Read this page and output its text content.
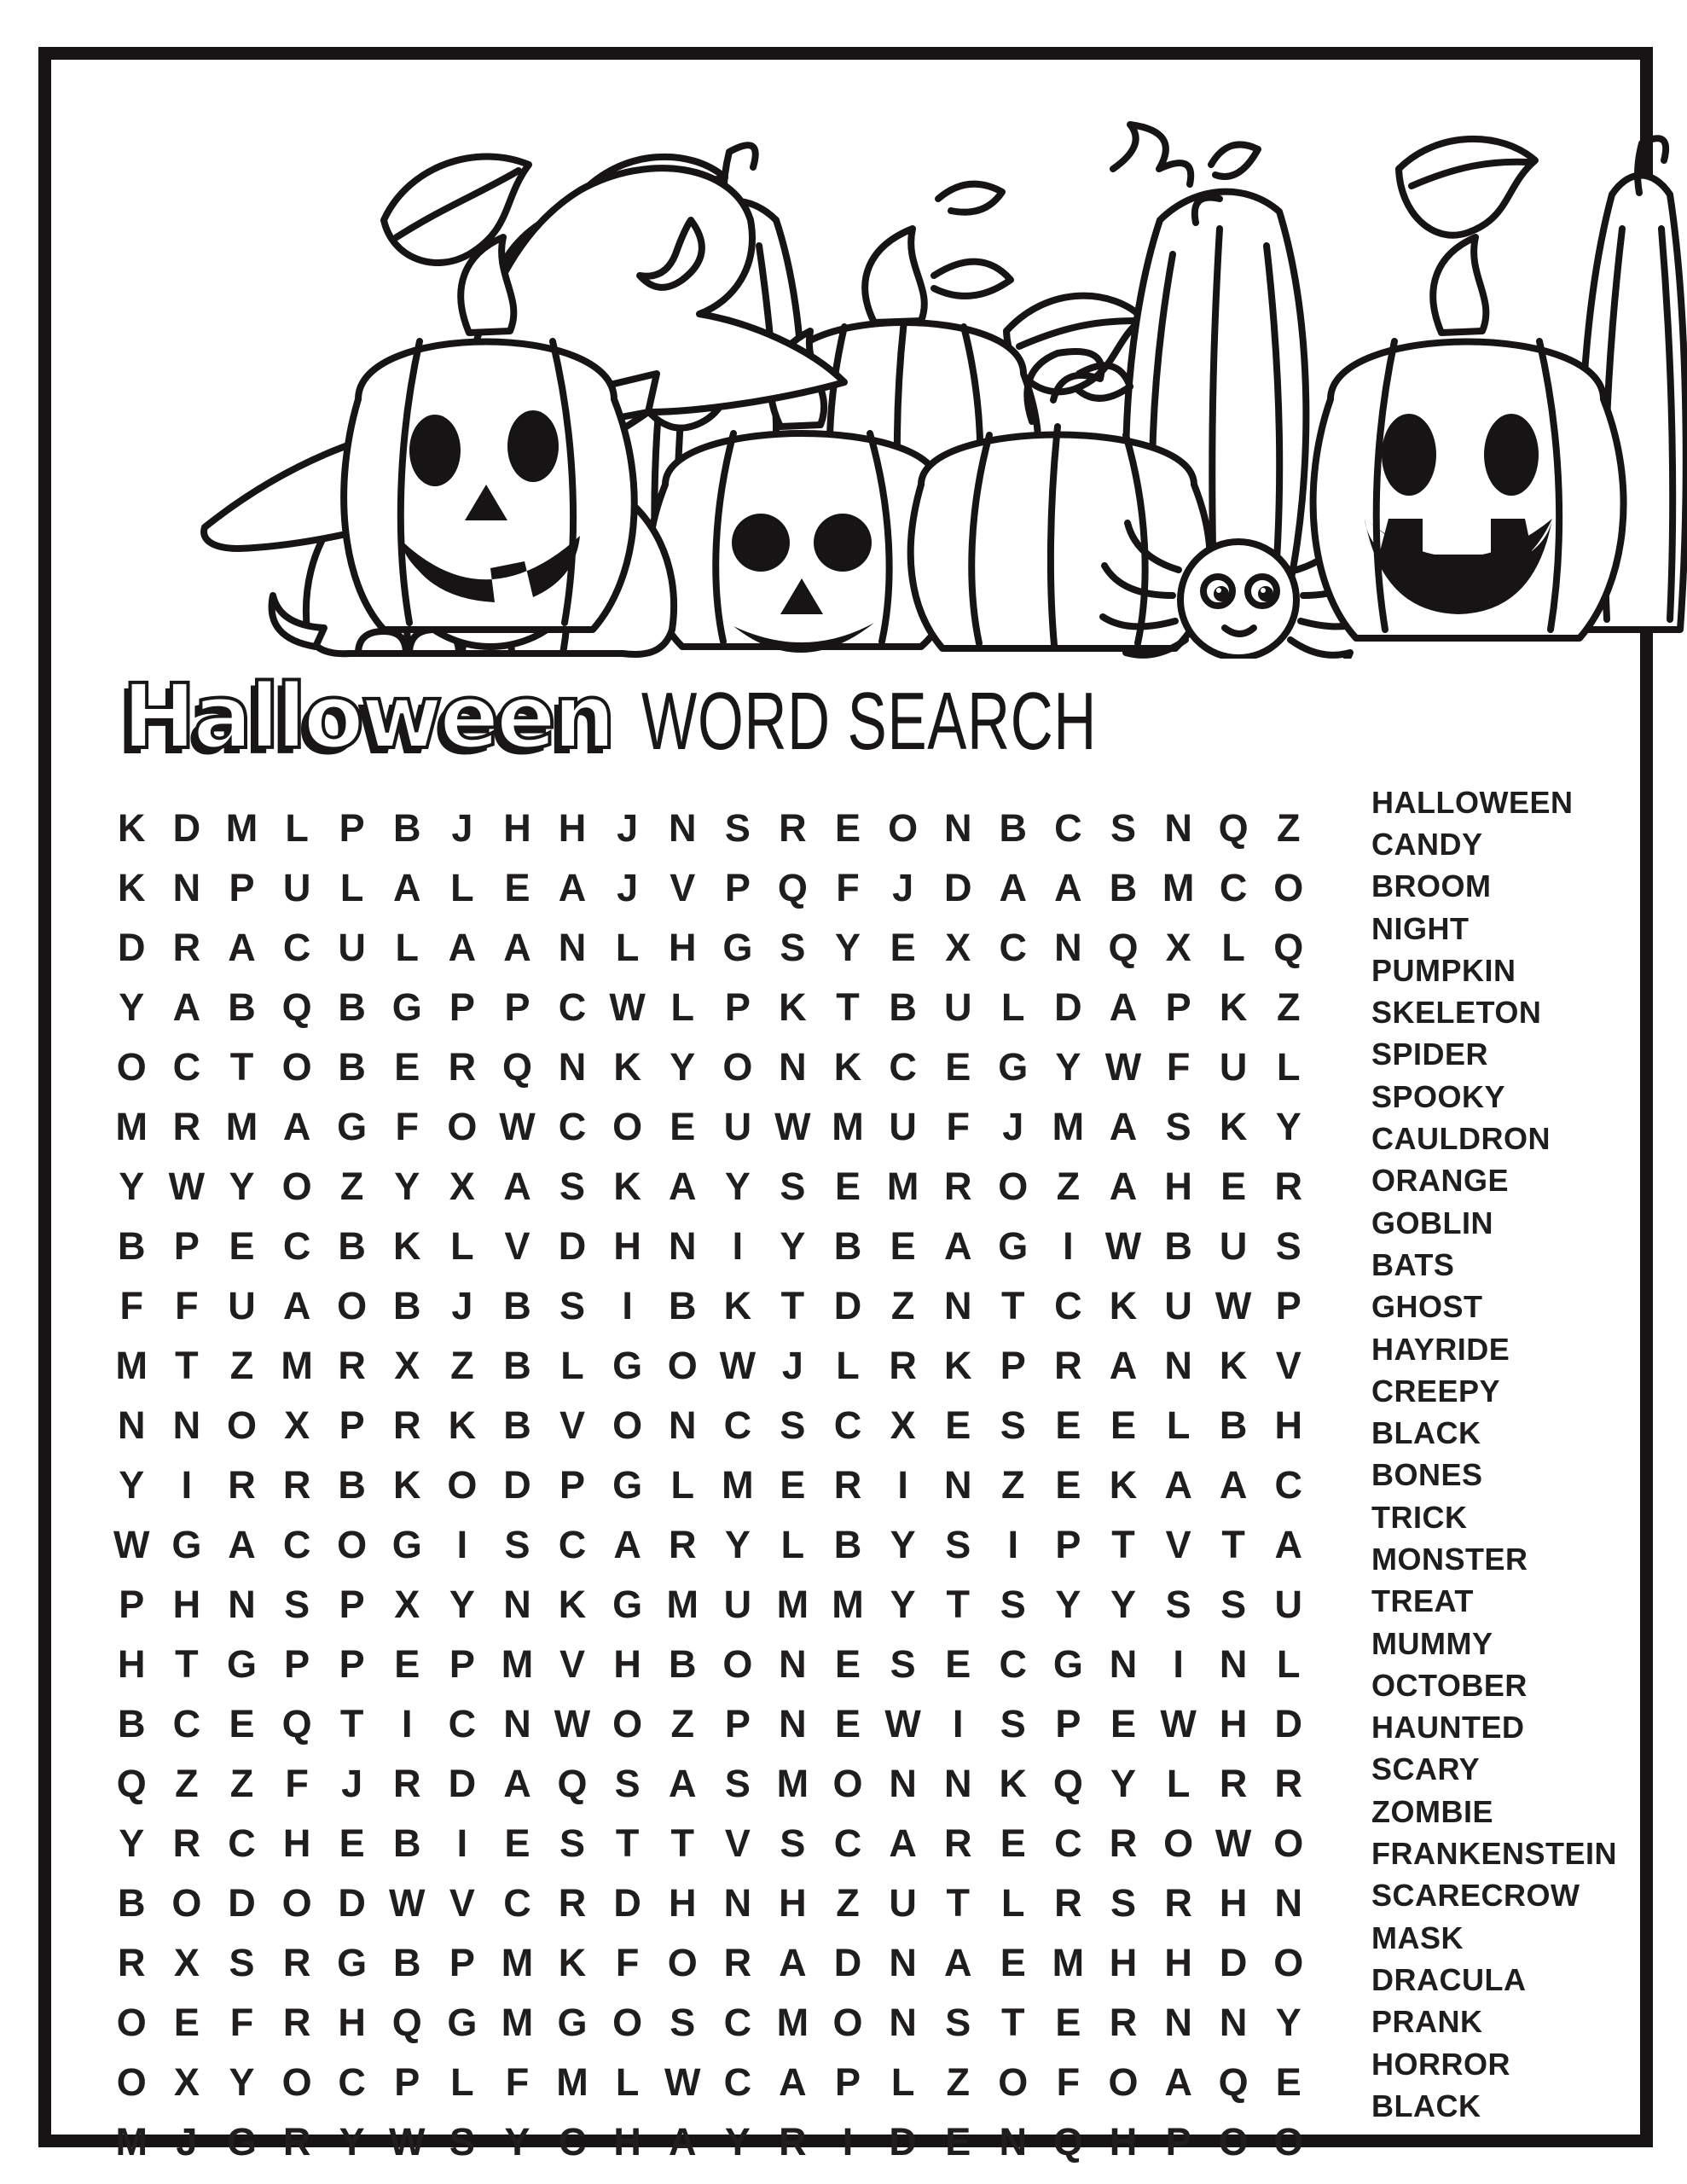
Halloween WORD SEARCH
K D M L P B J H H J N S R E O N B C S N Q Z
K N P U L A L E A J V P Q F J D A A B M C O
D R A C U L A A N L H G S Y E X C N Q X L Q
Y A B Q B G P P C W L P K T B U L D A P K Z
O C T O B E R Q N K Y O N K C E G Y W F U L
M R M A G F O W C O E U W M U F J M A S K Y
Y W Y O Z Y X A S K A Y S E M R O Z A H E R
B P E C B K L V D H N I Y B E A G I W B U S
F F U A O B J B S I B K T D Z N T C K U W P
M T Z M R X Z B L G O W J L R K P R A N K V
N N O X P R K B V O N C S C X E S E E L B H
Y I R R B K O D P G L M E R I N Z E K A A C
W G A C O G I S C A R Y L B Y S I P T V T A
P H N S P X Y N K G M U M M Y T S Y Y S S U
H T G P P E P M V H B O N E S E C G N I N L
B C E Q T I C N W O Z P N E W I S P E W H D
Q Z Z F J R D A Q S A S M O N N K Q Y L R R
Y R C H E B I E S T T V S C A R E C R O W O
B O D O D W V C R D H N H Z U T L R S R H N
R X S R G B P M K F O R A D N A E M H H D O
O E F R H Q G M G O S C M O N S T E R N N Y
O X Y O C P L F M L W C A P L Z O F O A Q E
M J G R Y W S Y C H A Y R I D E N Q H P O O
HALLOWEEN
CANDY
BROOM
NIGHT
PUMPKIN
SKELETON
SPIDER
SPOOKY
CAULDRON
ORANGE
GOBLIN
BATS
GHOST
HAYRIDE
CREEPY
BLACK
BONES
TRICK
MONSTER
TREAT
MUMMY
OCTOBER
HAUNTED
SCARY
ZOMBIE
FRANKENSTEIN
SCARECROW
MASK
DRACULA
PRANK
HORROR
BLACK
